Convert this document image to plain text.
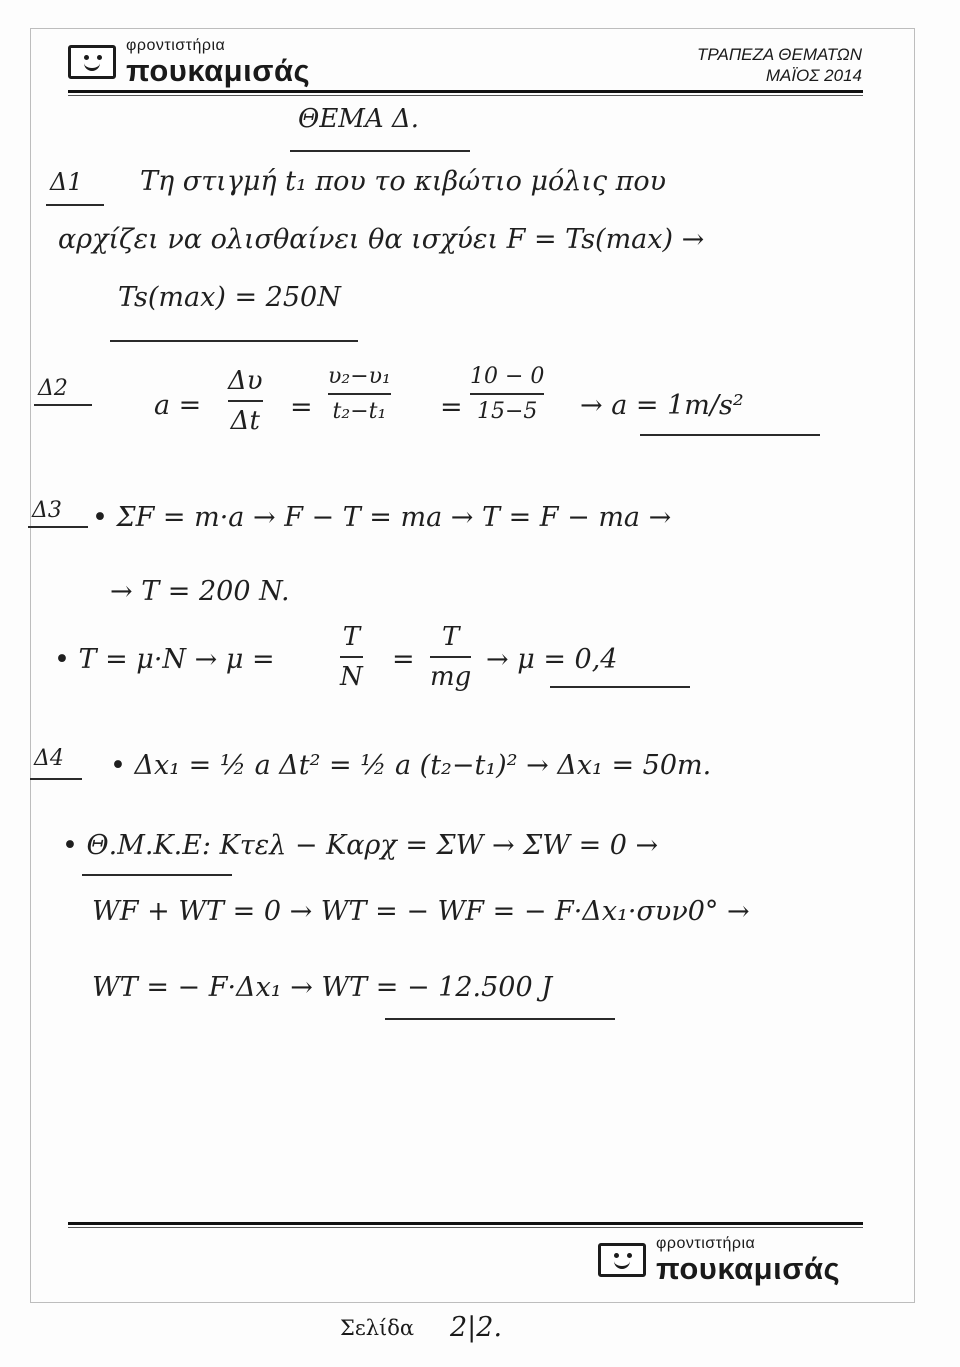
φροντιστήρια
πουκαμισάς	ΤΡΑΠΕΖΑ ΘΕΜΑΤΩΝ
ΜΑΪΟΣ 2014
ΘΕΜΑ Δ.
Δ1 Τη στιγμή t₁ που το κιβώτιο μόλις που
αρχίζει να ολισθαίνει θα ισχύει F = Ts(max) →
Ts(max) = 250N
Δ2
a =
Δυ
Δt =
υ₂−υ₁
t₂−t₁ =
10 − 0
15−5 → a = 1m/s²
Δ3 • ΣF = m·a → F − T = ma → T = F − ma →
→ T = 200 N.
• T = μ·N → μ =
T
N
=
T
mg
→ μ = 0,4
Δ4 • Δx₁ = ½ a Δt² = ½ a (t₂−t₁)² → Δx₁ = 50m.
• Θ.Μ.Κ.Ε: Kτελ − Kαρχ = ΣW → ΣW = 0 →
WF + WT = 0 → WT = − WF = − F·Δx₁·συν0° →
WT = − F·Δx₁ → WT = − 12.500 J
Σελίδα 2|2.
φροντιστήρια
πουκαμισάς
